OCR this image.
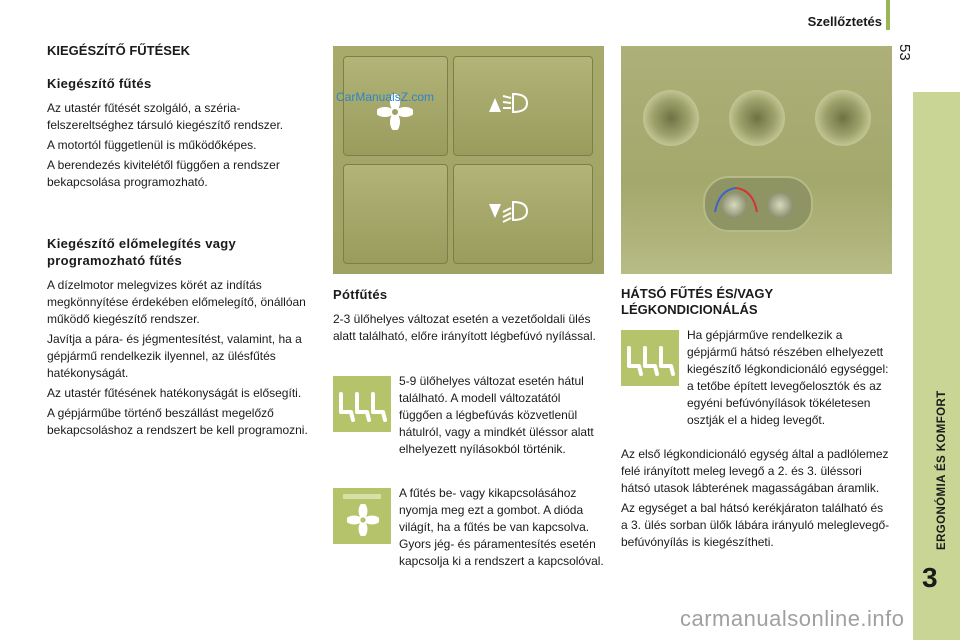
Szellőztetés
53
ERGONÓMIA ÉS KOMFORT
3
KIEGÉSZÍTŐ FŰTÉSEK
Kiegészítő fűtés

Az utastér fűtését szolgáló, a széria- felszereltséghez társuló kiegészítő rendszer.

A motortól függetlenül is működőképes.

A berendezés kivitelétől függően a rendszer bekapcsolása programozható.

Kiegészítő előmelegítés vagy programozható fűtés

A dízelmotor melegvizes körét az indítás megkönnyítése érdekében előmelegítő, önállóan működő kiegészítő rendszer.

Javítja a pára- és jégmentesítést, valamint, ha a gépjármű rendelkezik ilyennel, az ülésfűtés hatékonyságát.

Az utastér fűtésének hatékonyságát is elősegíti.

A gépjárműbe történő beszállást megelőző bekapcsoláshoz a rendszert be kell programozni.

CarManualsZ.com
Pótfűtés

2-3 ülőhelyes változat esetén a vezetőoldali ülés alatt található, előre irányított légbefúvó nyílással.

5-9 ülőhelyes változat esetén hátul található. A modell változatától függően a légbefúvás közvetlenül hátulról, vagy a mindkét üléssor alatt elhelyezett nyílásokból történik.

A fűtés be- vagy kikapcsolásához nyomja meg ezt a gombot. A dióda világít, ha a fűtés be van kapcsolva. Gyors jég- és páramentesítés esetén kapcsolja ki a rendszert a kapcsolóval.

HÁTSÓ FŰTÉS ÉS/VAGY LÉGKONDICIONÁLÁS

Ha gépjárműve rendelkezik a gépjármű hátsó részében elhelyezett kiegészítő légkondicionáló egységgel: a tetőbe épített levegőelosztók és az egyéni befúvónyílások tökéletesen osztják el a hideg levegőt.

Az első légkondicionáló egység által a padlólemez felé irányított meleg levegő a 2. és 3. üléssori hátsó utasok lábterének magasságában áramlik.

Az egységet a bal hátsó kerékjáraton található és a 3. ülés sorban ülők lábára irányuló meleglevegő-befúvónyílás is kiegészítheti.

carmanualsonline.info
